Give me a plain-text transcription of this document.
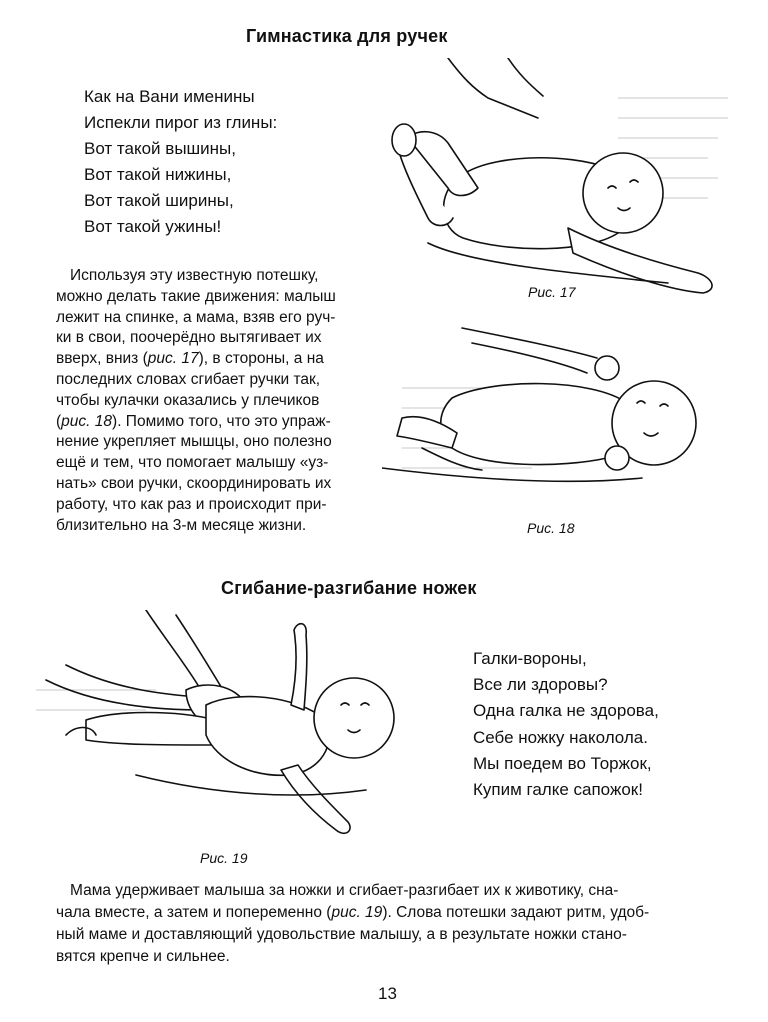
Гимнастика для ручек
Как на Вани именины
Испекли пирог из глины:
Вот такой вышины,
Вот такой нижины,
Вот такой ширины,
Вот такой ужины!
Используя эту известную потешку,
можно делать такие движения: малыш
лежит на спинке, а мама, взяв его руч-
ки в свои, поочерёдно вытягивает их
вверх, вниз (рис. 17), в стороны, а на
последних словах сгибает ручки так,
чтобы кулачки оказались у плечиков
(рис. 18). Помимо того, что это упраж-
нение укрепляет мышцы, оно полезно
ещё и тем, что помогает малышу «уз-
нать» свои ручки, скоординировать их
работу, что как раз и происходит при-
близительно на 3-м месяце жизни.
Рис. 17
Рис. 18
Сгибание-разгибание ножек
Рис. 19
Галки-вороны,
Все ли здоровы?
Одна галка не здорова,
Себе ножку наколола.
Мы поедем во Торжок,
Купим галке сапожок!
Мама удерживает малыша за ножки и сгибает-разгибает их к животику, сна-
чала вместе, а затем и попеременно (рис. 19). Слова потешки задают ритм, удоб-
ный маме и доставляющий удовольствие малышу, а в результате ножки стано-
вятся крепче и сильнее.
13
